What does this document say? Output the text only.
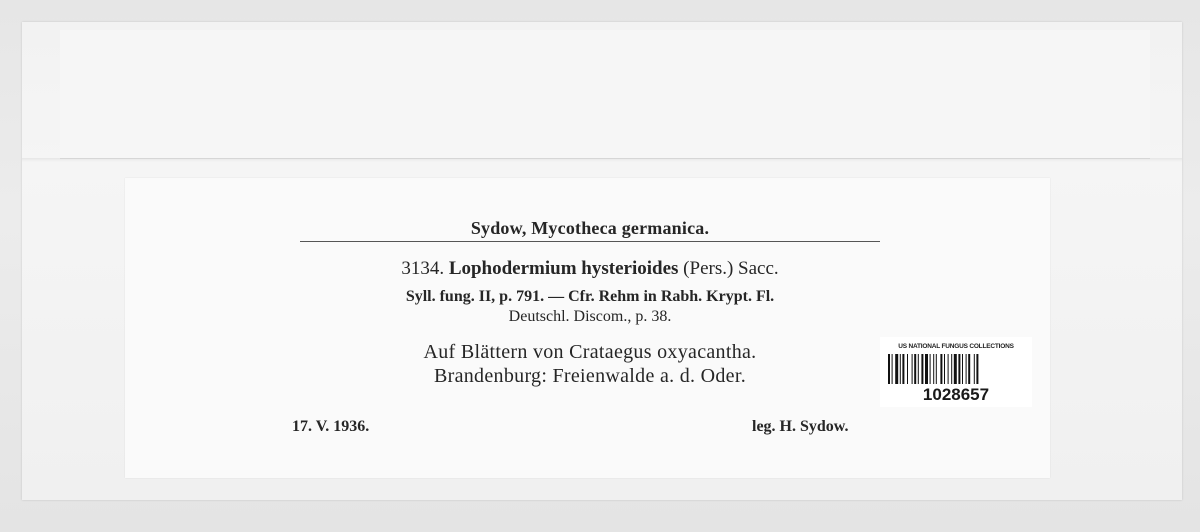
Sydow, Mycotheca germanica.
3134. Lophodermium hysterioides (Pers.) Sacc.
Syll. fung. II, p. 791. — Cfr. Rehm in Rabh. Krypt. Fl.
Deutschl. Discom., p. 38.
Auf Blättern von Crataegus oxyacantha.
Brandenburg: Freienwalde a. d. Oder.
17. V. 1936.	leg. H. Sydow.
US NATIONAL FUNGUS COLLECTIONS
1028657
